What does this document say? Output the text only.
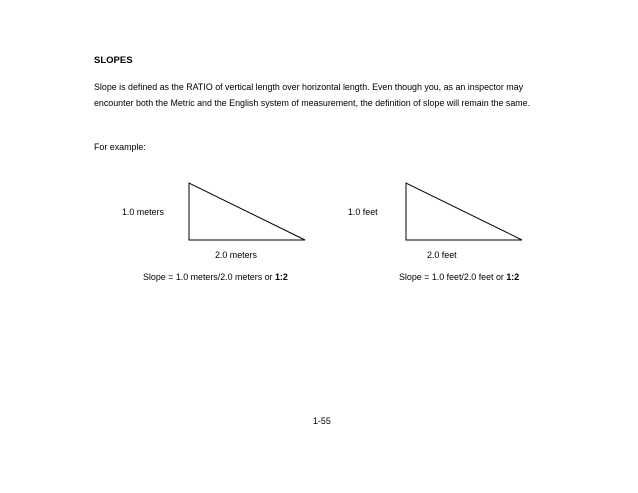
SLOPES
Slope is defined as the RATIO of vertical length over horizontal length. Even though you, as an inspector may
encounter both the Metric and the English system of measurement, the definition of slope will remain the same.
For example:
1.0 meters
2.0 meters
Slope = 1.0 meters/2.0 meters or 1:2
1.0 feet
2.0 feet
Slope = 1.0 feet/2.0 feet or 1:2
1-55
